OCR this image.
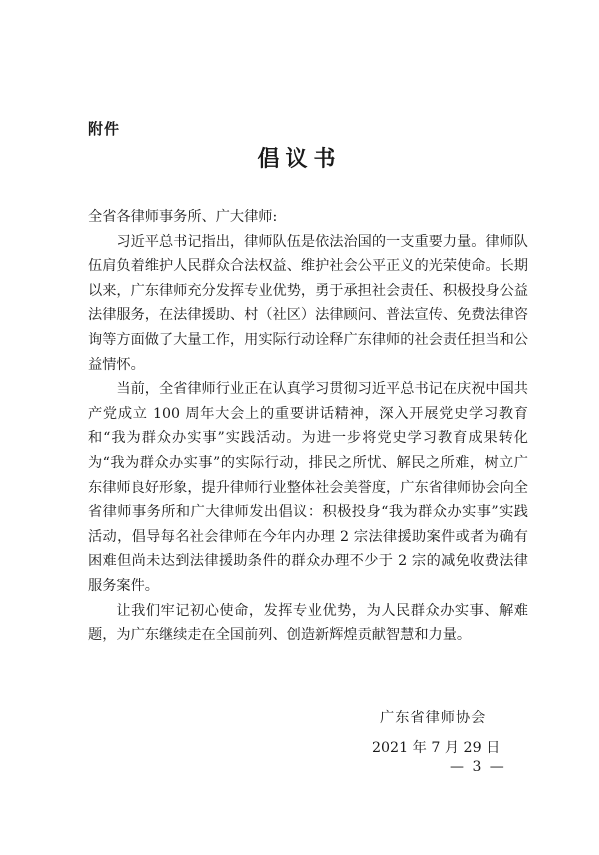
附件
倡议书

全省各律师事务所、广大律师:

习近平总书记指出，律师队伍是依法治国的一支重要力量。律师队伍肩负着维护人民群众合法权益、维护社会公平正义的光荣使命。长期以来，广东律师充分发挥专业优势，勇于承担社会责任、积极投身公益法律服务，在法律援助、村（社区）法律顾问、普法宣传、免费法律咨询等方面做了大量工作，用实际行动诠释广东律师的社会责任担当和公益情怀。

当前，全省律师行业正在认真学习贯彻习近平总书记在庆祝中国共产党成立 100 周年大会上的重要讲话精神，深入开展党史学习教育和“我为群众办实事”实践活动。为进一步将党史学习教育成果转化为“我为群众办实事”的实际行动，排民之所忧、解民之所难，树立广东律师良好形象，提升律师行业整体社会美誉度，广东省律师协会向全省律师事务所和广大律师发出倡议：积极投身“我为群众办实事”实践活动，倡导每名社会律师在今年内办理 2 宗法律援助案件或者为确有困难但尚未达到法律援助条件的群众办理不少于 2 宗的减免收费法律服务案件。

让我们牢记初心使命，发挥专业优势，为人民群众办实事、解难题，为广东继续走在全国前列、创造新辉煌贡献智慧和力量。

广东省律师协会
2021 年 7 月 29 日
— 3 —
